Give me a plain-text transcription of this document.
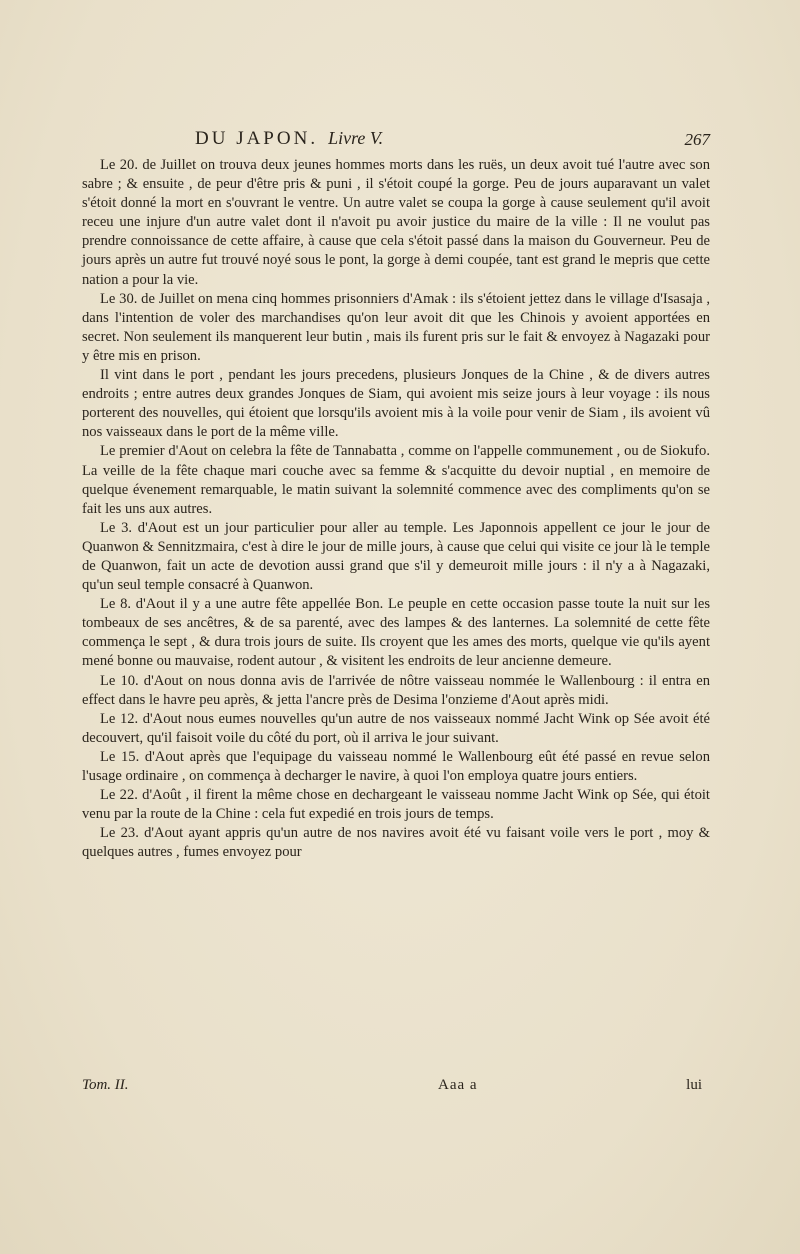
DU JAPON. Livre V.	267

Le 20. de Juillet on trouva deux jeunes hommes morts dans les ruës, un deux avoit tué l'autre avec son sabre ; & ensuite , de peur d'être pris & puni , il s'étoit coupé la gorge. Peu de jours auparavant un valet s'étoit donné la mort en s'ouvrant le ventre. Un autre valet se coupa la gorge à cause seulement qu'il avoit receu une injure d'un autre valet dont il n'avoit pu avoir justice du maire de la ville : Il ne voulut pas prendre connoissance de cette affaire, à cause que cela s'étoit passé dans la maison du Gouverneur. Peu de jours après un autre fut trouvé noyé sous le pont, la gorge à demi coupée, tant est grand le mepris que cette nation a pour la vie.

Le 30. de Juillet on mena cinq hommes prisonniers d'Amak : ils s'étoient jettez dans le village d'Isasaja , dans l'intention de voler des marchandises qu'on leur avoit dit que les Chinois y avoient apportées en secret. Non seulement ils manquerent leur butin , mais ils furent pris sur le fait & envoyez à Nagazaki pour y être mis en prison.

Il vint dans le port , pendant les jours precedens, plusieurs Jonques de la Chine , & de divers autres endroits ; entre autres deux grandes Jonques de Siam, qui avoient mis seize jours à leur voyage : ils nous porterent des nouvelles, qui étoient que lorsqu'ils avoient mis à la voile pour venir de Siam , ils avoient vû nos vaisseaux dans le port de la même ville.

Le premier d'Aout on celebra la fête de Tannabatta , comme on l'appelle communement , ou de Siokufo. La veille de la fête chaque mari couche avec sa femme & s'acquitte du devoir nuptial , en memoire de quelque évenement remarquable, le matin suivant la solemnité commence avec des compliments qu'on se fait les uns aux autres.

Le 3. d'Aout est un jour particulier pour aller au temple. Les Japonnois appellent ce jour le jour de Quanwon & Sennitzmaira, c'est à dire le jour de mille jours, à cause que celui qui visite ce jour là le temple de Quanwon, fait un acte de devotion aussi grand que s'il y demeuroit mille jours : il n'y a à Nagazaki, qu'un seul temple consacré à Quanwon.

Le 8. d'Aout il y a une autre fête appellée Bon. Le peuple en cette occasion passe toute la nuit sur les tombeaux de ses ancêtres, & de sa parenté, avec des lampes & des lanternes. La solemnité de cette fête commença le sept , & dura trois jours de suite. Ils croyent que les ames des morts, quelque vie qu'ils ayent mené bonne ou mauvaise, rodent autour , & visitent les endroits de leur ancienne demeure.

Le 10. d'Aout on nous donna avis de l'arrivée de nôtre vaisseau nommée le Wallenbourg : il entra en effect dans le havre peu après, & jetta l'ancre près de Desima l'onzieme d'Aout après midi.

Le 12. d'Aout nous eumes nouvelles qu'un autre de nos vaisseaux nommé Jacht Wink op Sée avoit été decouvert, qu'il faisoit voile du côté du port, où il arriva le jour suivant.

Le 15. d'Aout après que l'equipage du vaisseau nommé le Wallenbourg eût été passé en revue selon l'usage ordinaire , on commença à decharger le navire, à quoi l'on employa quatre jours entiers.

Le 22. d'Août , il firent la même chose en dechargeant le vaisseau nomme Jacht Wink op Sée, qui étoit venu par la route de la Chine : cela fut expedié en trois jours de temps.

Le 23. d'Aout ayant appris qu'un autre de nos navires avoit été vu faisant voile vers le port , moy & quelques autres , fumes envoyez pour

Tom. II.	Aaa a	lui
